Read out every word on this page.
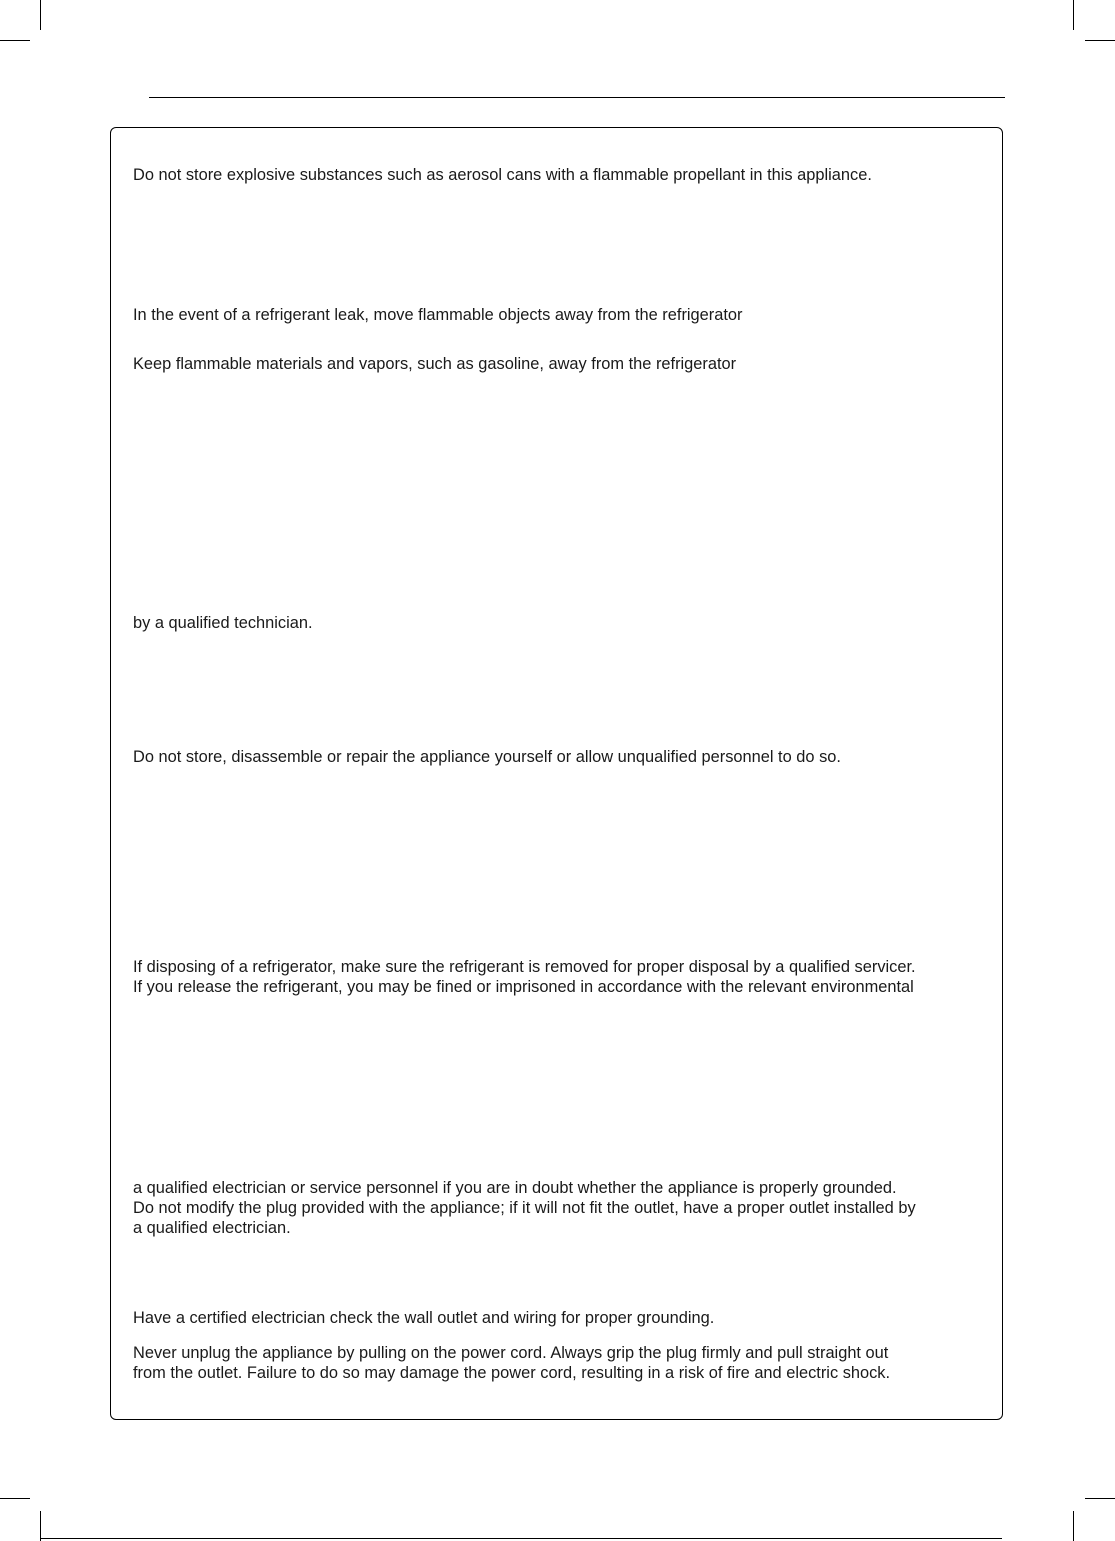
Do not store explosive substances such as aerosol cans with a flammable propellant in this appliance.

In the event of a refrigerant leak, move flammable objects away from the refrigerator

Keep flammable materials and vapors, such as gasoline, away from the refrigerator

by a qualified technician.

Do not store, disassemble or repair the appliance yourself or allow unqualified personnel to do so.

If disposing of a refrigerator, make sure the refrigerant is removed for proper disposal by a qualified servicer.

If you release the refrigerant, you may be fined or imprisoned in accordance with the relevant environmental

a qualified electrician or service personnel if you are in doubt whether the appliance is properly grounded.

Do not modify the plug provided with the appliance; if it will not fit the outlet, have a proper outlet installed by

a qualified electrician.

Have a certified electrician check the wall outlet and wiring for proper grounding.

Never unplug the appliance by pulling on the power cord. Always grip the plug firmly and pull straight out

from the outlet. Failure to do so may damage the power cord, resulting in a risk of fire and electric shock.
